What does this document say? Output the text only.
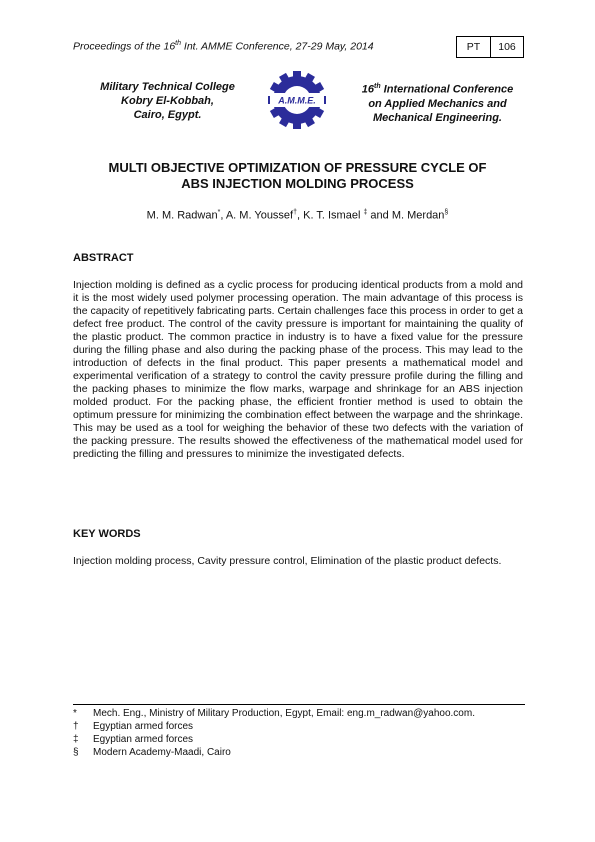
Proceedings of the 16th Int. AMME Conference, 27-29 May, 2014	PT	106
Military Technical College
Kobry El-Kobbah,
Cairo, Egypt.
A.M.M.E.
16th International Conference
on Applied Mechanics and
Mechanical Engineering.
MULTI OBJECTIVE OPTIMIZATION OF PRESSURE CYCLE OF
ABS INJECTION MOLDING PROCESS
M. M. Radwan*, A. M. Youssef†, K. T. Ismael ‡ and M. Merdan§
ABSTRACT
Injection molding is defined as a cyclic process for producing identical products from a mold and it is the most widely used polymer processing operation. The main advantage of this process is the capacity of repetitively fabricating parts. Certain challenges face this process in order to get a defect free product. The control of the cavity pressure is important for maintaining the quality of the plastic product. The common practice in industry is to have a fixed value for the pressure during the filling phase and also during the packing phase of the process. This may lead to the introduction of defects in the final product. This paper presents a mathematical model and experimental verification of a strategy to control the cavity pressure profile during the filling and the packing phases to minimize the flow marks, warpage and shrinkage for an ABS injection molded product. For the packing phase, the efficient frontier method is used to obtain the optimum pressure for minimizing the combination effect between the warpage and the shrinkage. This may be used as a tool for weighing the behavior of these two defects with the variation of the packing pressure. The results showed the effectiveness of the mathematical model used for predicting the filling and pressures to minimize the investigated defects.
KEY WORDS
Injection molding process, Cavity pressure control, Elimination of the plastic product defects.
*	Mech. Eng., Ministry of Military Production, Egypt, Email: eng.m_radwan@yahoo.com.
†	Egyptian armed forces
‡	Egyptian armed forces
§	Modern Academy-Maadi, Cairo
